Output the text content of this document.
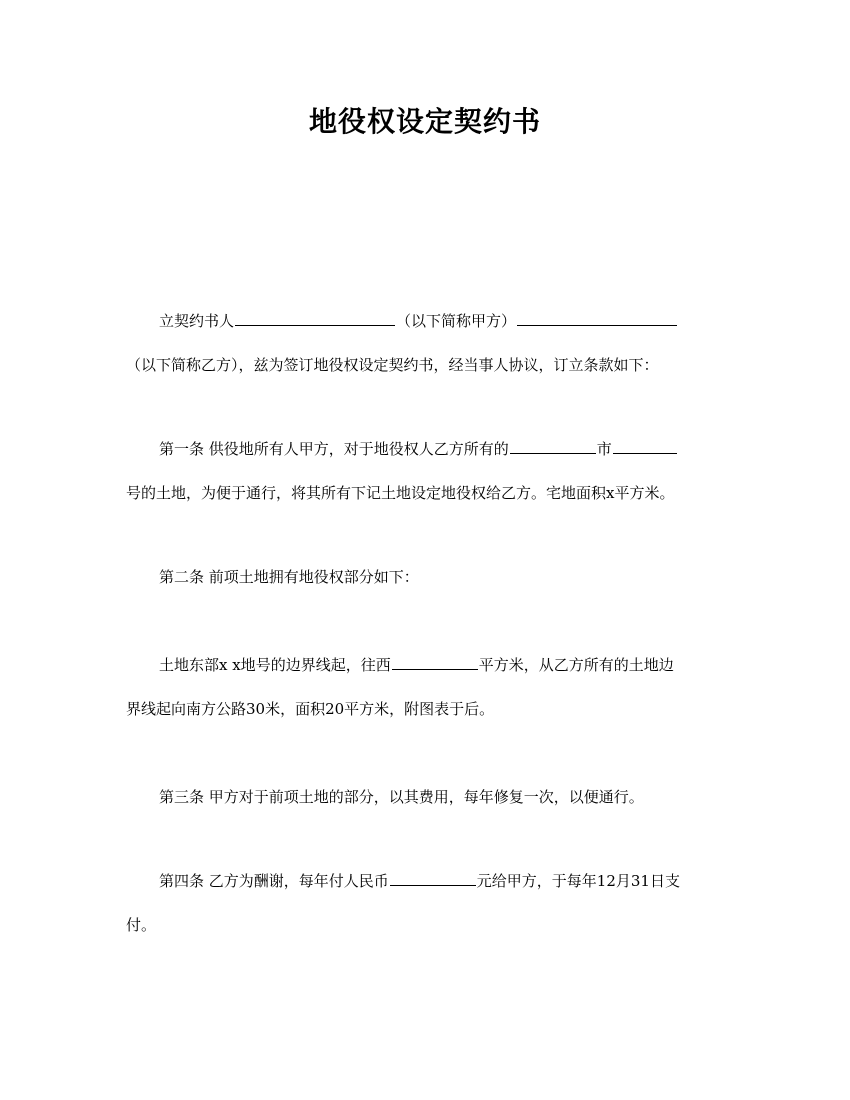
地役权设定契约书
立契约书人	（以下简称甲方）
（以下简称乙方），兹为签订地役权设定契约书，经当事人协议，订立条款如下：
第一条 供役地所有人甲方，对于地役权人乙方所有的	市
号的土地，为便于通行，将其所有下记土地设定地役权给乙方。宅地面积x平方米。
第二条 前项土地拥有地役权部分如下：
土地东部x x地号的边界线起，往西	平方米，从乙方所有的土地边
界线起向南方公路30米，面积20平方米，附图表于后。
第三条 甲方对于前项土地的部分，以其费用，每年修复一次，以便通行。
第四条 乙方为酬谢，每年付人民币	元给甲方，于每年12月31日支
付。
